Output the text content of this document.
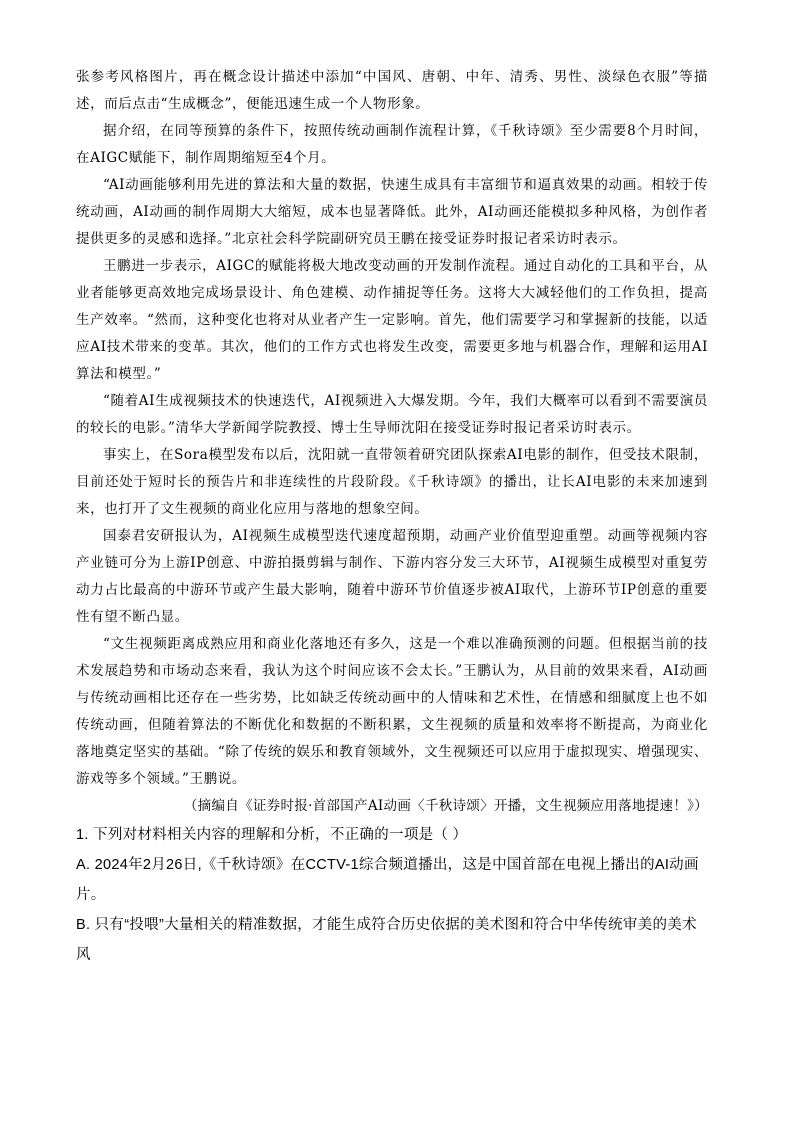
张参考风格图片，再在概念设计描述中添加“中国风、唐朝、中年、清秀、男性、淡绿色衣服”等描述，而后点击“生成概念”，便能迅速生成一个人物形象。

据介绍，在同等预算的条件下，按照传统动画制作流程计算，《千秋诗颂》至少需要8个月时间，在AIGC赋能下，制作周期缩短至4个月。

“AI动画能够利用先进的算法和大量的数据，快速生成具有丰富细节和逼真效果的动画。相较于传统动画，AI动画的制作周期大大缩短，成本也显著降低。此外，AI动画还能模拟多种风格，为创作者提供更多的灵感和选择。”北京社会科学院副研究员王鹏在接受证券时报记者采访时表示。

王鹏进一步表示，AIGC的赋能将极大地改变动画的开发制作流程。通过自动化的工具和平台，从业者能够更高效地完成场景设计、角色建模、动作捕捉等任务。这将大大减轻他们的工作负担，提高生产效率。“然而，这种变化也将对从业者产生一定影响。首先，他们需要学习和掌握新的技能，以适应AI技术带来的变革。其次，他们的工作方式也将发生改变，需要更多地与机器合作，理解和运用AI算法和模型。”

“随着AI生成视频技术的快速迭代，AI视频进入大爆发期。今年，我们大概率可以看到不需要演员的较长的电影。”清华大学新闻学院教授、博士生导师沈阳在接受证券时报记者采访时表示。

事实上，在Sora模型发布以后，沈阳就一直带领着研究团队探索AI电影的制作，但受技术限制，目前还处于短时长的预告片和非连续性的片段阶段。《千秋诗颂》的播出，让长AI电影的未来加速到来，也打开了文生视频的商业化应用与落地的想象空间。

国泰君安研报认为，AI视频生成模型迭代速度超预期，动画产业价值型迎重塑。动画等视频内容产业链可分为上游IP创意、中游拍摄剪辑与制作、下游内容分发三大环节，AI视频生成模型对重复劳动力占比最高的中游环节或产生最大影响，随着中游环节价值逐步被AI取代，上游环节IP创意的重要性有望不断凸显。

“文生视频距离成熟应用和商业化落地还有多久，这是一个难以准确预测的问题。但根据当前的技术发展趋势和市场动态来看，我认为这个时间应该不会太长。”王鹏认为，从目前的效果来看，AI动画与传统动画相比还存在一些劣势，比如缺乏传统动画中的人情味和艺术性，在情感和细腻度上也不如传统动画，但随着算法的不断优化和数据的不断积累，文生视频的质量和效率将不断提高，为商业化落地奠定坚实的基础。“除了传统的娱乐和教育领域外，文生视频还可以应用于虚拟现实、增强现实、游戏等多个领域。”王鹏说。

（摘编自《证券时报·首部国产AI动画〈千秋诗颂〉开播，文生视频应用落地提速！》）

1. 下列对材料相关内容的理解和分析，不正确的一项是（ ）

A. 2024年2月26日,《千秋诗颂》在CCTV-1综合频道播出，这是中国首部在电视上播出的AI动画片。

B. 只有“投喂”大量相关的精准数据，才能生成符合历史依据的美术图和符合中华传统审美的美术风
